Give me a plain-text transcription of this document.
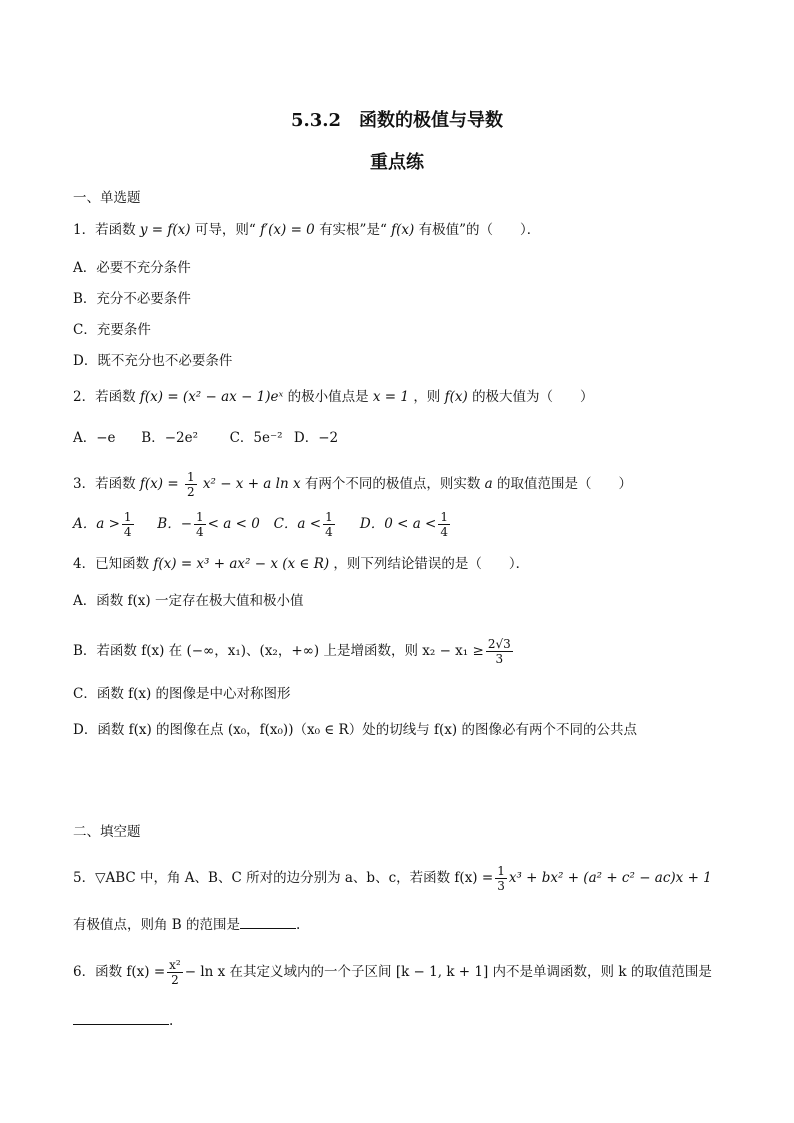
5.3.2　函数的极值与导数
重点练
一、单选题
1．若函数 y = f(x) 可导，则“ f′(x) = 0 有实根”是“ f(x) 有极值”的（　　）．
A．必要不充分条件
B．充分不必要条件
C．充要条件
D．既不充分也不必要条件
2．若函数 f(x) = (x² − ax − 1)eˣ 的极小值点是 x = 1 ，则 f(x) 的极大值为（　　）
A．−e B．−2e² C．5e⁻² D．−2
3．若函数 $f(x) = \frac{1}{2} x^2 - x + a$ ln x 有两个不同的极值点，则实数 a 的取值范围是（　　）
A．$a > \frac{1}{4}$ B．− $\frac{1}{4} < a < 0$ C．$a < \frac{1}{4}$ D．$0 < a < \frac{1}{4}$
4．已知函数 f(x) = x³ + ax² − x (x ∈ R) ，则下列结论错误的是（　　）．
A．函数 f(x) 一定存在极大值和极小值
B．若函数 f(x) 在 (−∞，x₁)、(x₂，+∞) 上是增函数，则 $x_2 - x_1 \ge \frac{2√3}{3}$
C．函数 f(x) 的图像是中心对称图形
D．函数 f(x) 的图像在点 (x₀，f(x₀))（x₀ ∈ R）处的切线与 f(x) 的图像必有两个不同的公共点
二、填空题
5．▽ABC 中，角 A、B、C 所对的边分别为 a、b、c，若函数 $f(x) = \frac{1}{3} x^3 + bx^2 + (a^2 + c^2 - ac)x + 1$
有极值点，则角 B 的范围是	.
6．函数 $f(x) = \frac{\text{x²}}{2} - \ln x$ 在其定义域内的一个子区间 [k − 1, k + 1] 内不是单调函数，则 k 的取值范围是
.
